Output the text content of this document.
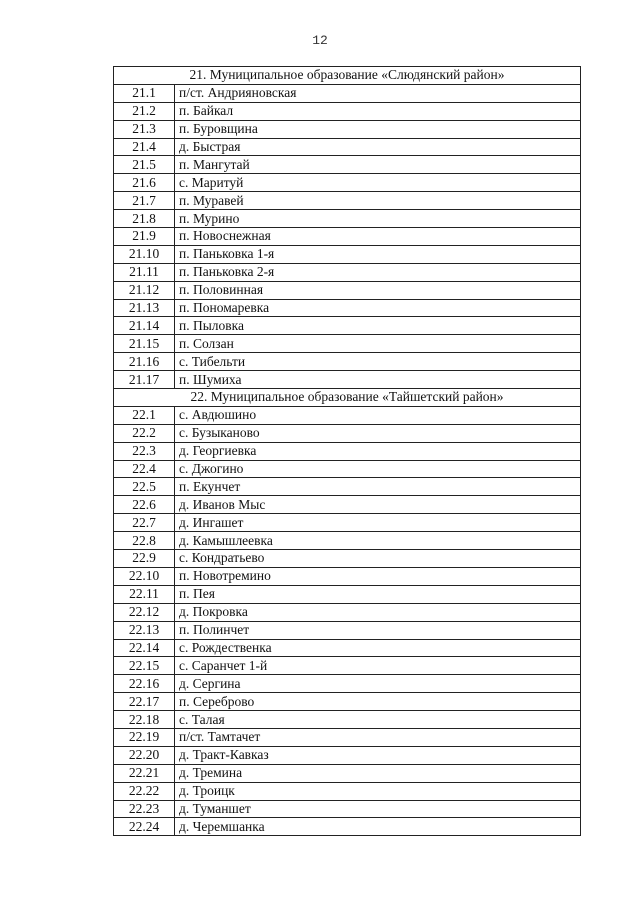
12
21. Муниципальное образование «Слюдянский район»	
21.1	п/ст. Андрияновская
21.2	п. Байкал
21.3	п. Буровщина
21.4	д. Быстрая
21.5	п. Мангутай
21.6	с. Маритуй
21.7	п. Муравей
21.8	п. Мурино
21.9	п. Новоснежная
21.10	п. Паньковка 1-я
21.11	п. Паньковка 2-я
21.12	п. Половинная
21.13	п. Пономаревка
21.14	п. Пыловка
21.15	п. Солзан
21.16	с. Тибельти
21.17	п. Шумиха
22. Муниципальное образование «Тайшетский район»	
22.1	с. Авдюшино
22.2	с. Бузыканово
22.3	д. Георгиевка
22.4	с. Джогино
22.5	п. Екунчет
22.6	д. Иванов Мыс
22.7	д. Ингашет
22.8	д. Камышлеевка
22.9	с. Кондратьево
22.10	п. Новотремино
22.11	п. Пея
22.12	д. Покровка
22.13	п. Полинчет
22.14	с. Рождественка
22.15	с. Саранчет 1-й
22.16	д. Сергина
22.17	п. Сереброво
22.18	с. Талая
22.19	п/ст. Тамтачет
22.20	д. Тракт-Кавказ
22.21	д. Тремина
22.22	д. Троицк
22.23	д. Туманшет
22.24	д. Черемшанка
